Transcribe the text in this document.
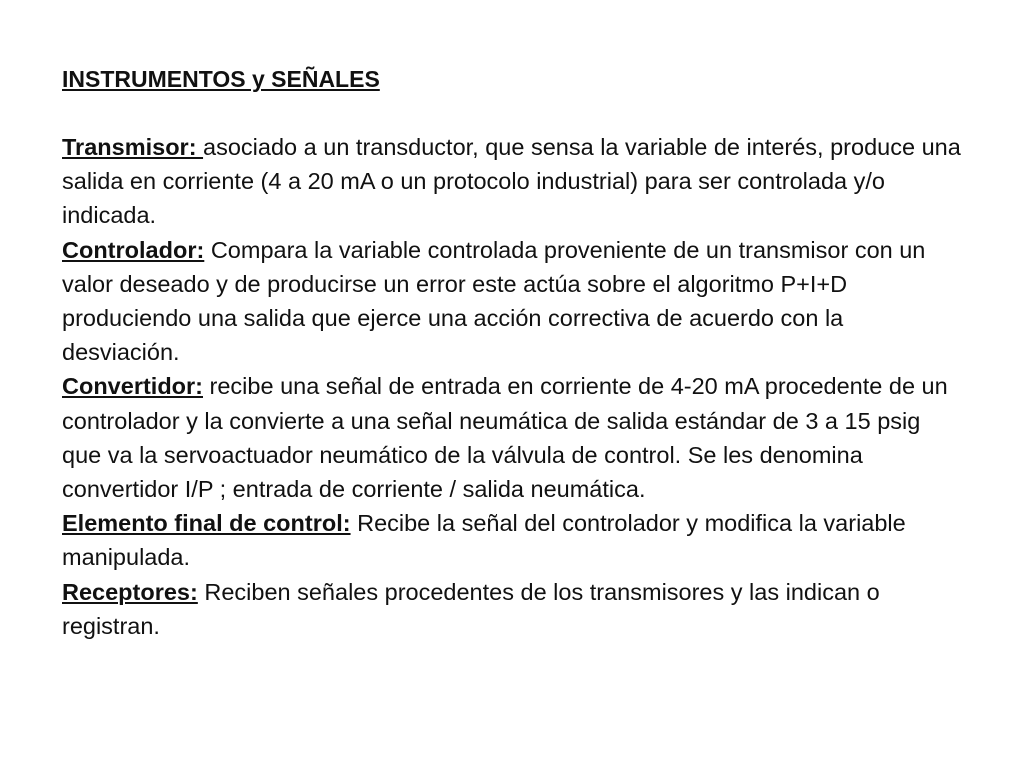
INSTRUMENTOS y SEÑALES

Transmisor: asociado a un transductor, que sensa la variable de interés, produce una salida en corriente (4 a 20 mA o un protocolo industrial) para ser controlada y/o indicada.

Controlador: Compara la variable controlada proveniente de un transmisor con un valor deseado y de producirse un error este actúa sobre el algoritmo P+I+D produciendo una salida que ejerce una acción correctiva de acuerdo con la desviación.

Convertidor: recibe una señal de entrada en corriente de 4-20 mA procedente de un controlador y la convierte a una señal neumática de salida estándar de 3 a 15 psig que va la servoactuador neumático de la válvula de control. Se les denomina convertidor I/P ; entrada de corriente / salida neumática.

Elemento final de control: Recibe la señal del controlador y modifica la variable manipulada.

Receptores: Reciben señales procedentes de los transmisores y las indican o registran.
